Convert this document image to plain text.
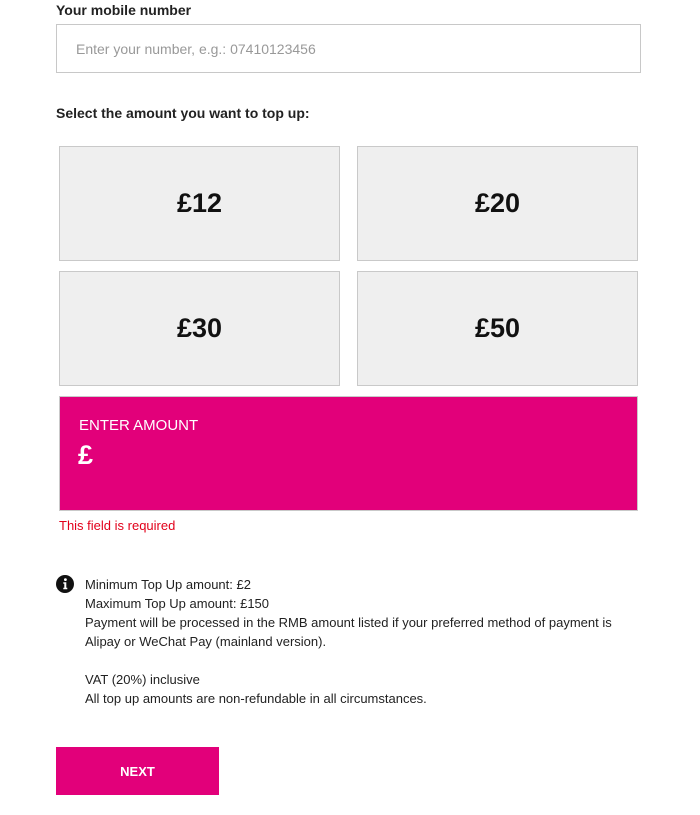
Your mobile number
Enter your number, e.g.: 07410123456
Select the amount you want to top up:
£12	£20
£30	£50
ENTER AMOUNT
£
This field is required

Minimum Top Up amount: £2

Maximum Top Up amount: £150

Payment will be processed in the RMB amount listed if your preferred method of payment is Alipay or WeChat Pay (mainland version).

VAT (20%) inclusive

All top up amounts are non-refundable in all circumstances.

NEXT
